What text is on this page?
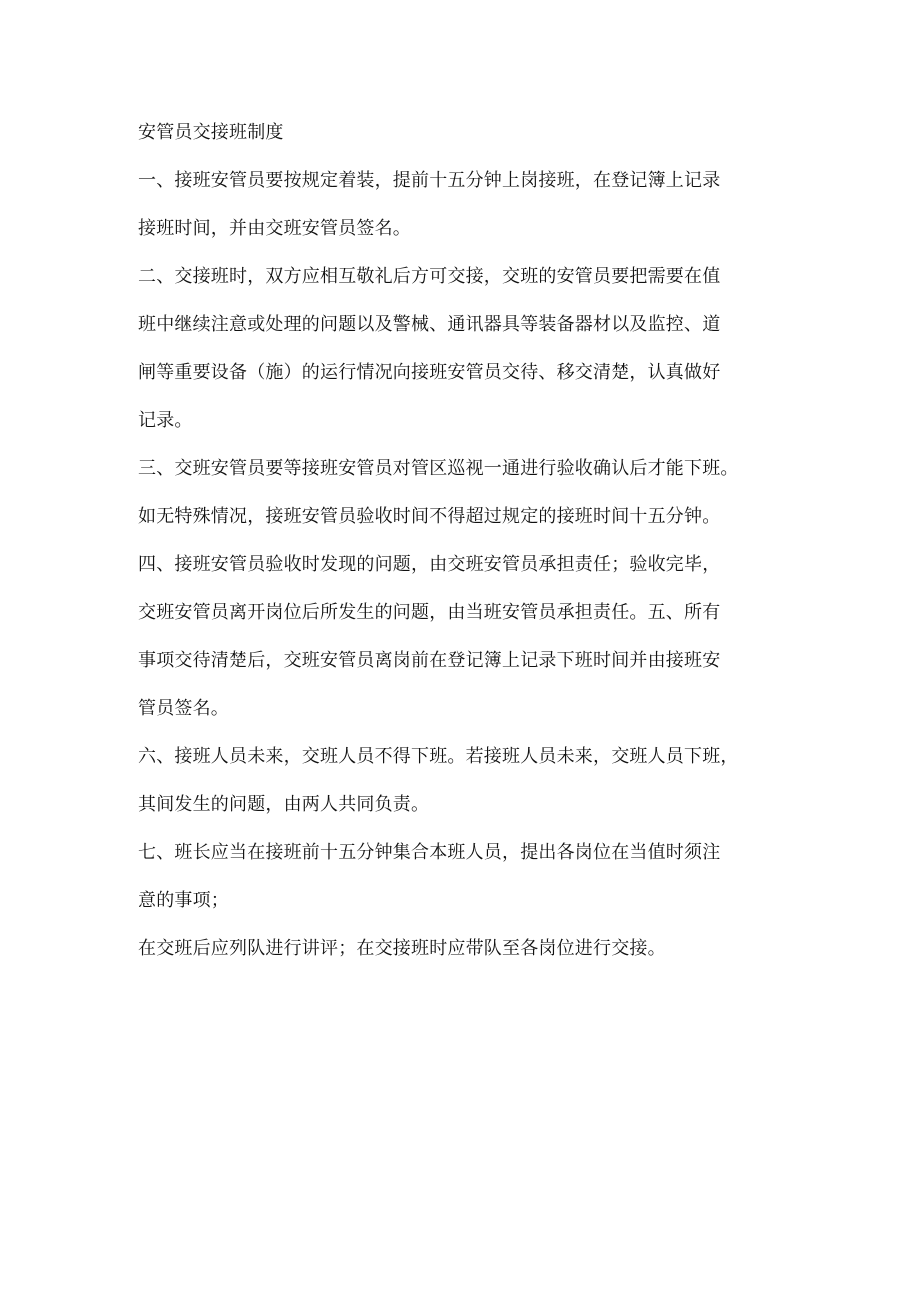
安管员交接班制度

一、接班安管员要按规定着装，提前十五分钟上岗接班，在登记簿上记录

接班时间，并由交班安管员签名。

二、交接班时，双方应相互敬礼后方可交接，交班的安管员要把需要在值

班中继续注意或处理的问题以及警械、通讯器具等装备器材以及监控、道

闸等重要设备（施）的运行情况向接班安管员交待、移交清楚，认真做好

记录。

三、交班安管员要等接班安管员对管区巡视一通进行验收确认后才能下班。

如无特殊情况，接班安管员验收时间不得超过规定的接班时间十五分钟。

四、接班安管员验收时发现的问题，由交班安管员承担责任；验收完毕，

交班安管员离开岗位后所发生的问题，由当班安管员承担责任。五、所有

事项交待清楚后，交班安管员离岗前在登记簿上记录下班时间并由接班安

管员签名。

六、接班人员未来，交班人员不得下班。若接班人员未来，交班人员下班，

其间发生的问题，由两人共同负责。

七、班长应当在接班前十五分钟集合本班人员，提出各岗位在当值时须注

意的事项；

在交班后应列队进行讲评；在交接班时应带队至各岗位进行交接。
